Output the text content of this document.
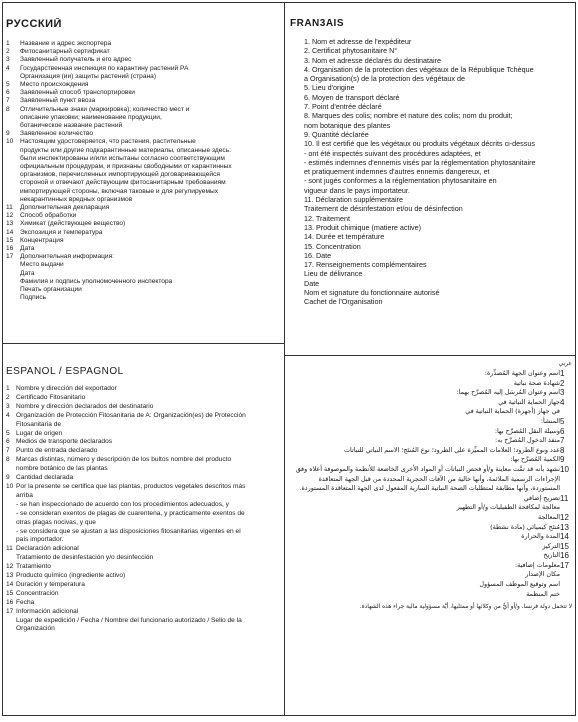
РУССКИЙ
1	Название и адрес экспортера
2	Фитосанитарный сертификат
3	Заявленный получатель и его адрес
4	Государственная инспекция по карантину растений РА
Организация (ии) защиты растений (страна)
5	Место происхождения
6	Заявленный способ транспортировки
7	Заявленный пункт ввоза
8	Отличительные знаки (маркировка); количество мест и
описание упаковки; наименование продукции,
ботаническое название растений
9	Заявленное количество
10	Настоящим удостоверяется, что растения, растительные
продукты или другие подкарантинные материалы, описанные здесь:
были инспектированы и/или испытаны согласно соответствующим
официальным процедурам, и признаны свободными от карантинных
организмов, перечисленных импортирующей договаривающейся
стороной и отвечают действующим фитосанитарным требованиям
импортирующей стороны, включая таковые и для регулируемых
некарантинных вредных организмов
11	Дополнительная декларация
12	Способ обработки
13	Химикат (действующее вещество)
14	Экспозиция и температура
15	Концентрация
16	Дата
17	Дополнительная информация:
Место выдачи
Дата
Фамилия и подпись уполномоченного инспектора
Печать организации
Подпись
FRAN3AIS
1. Nom et adresse de l'expéditeur
2. Certificat phytosanitaire N°
3. Nom et adresse déclarés du destinataire
4. Organisation de la protection des végétaux de la République Tchèque
a Organisation(s) de la protection des végétaux de
5. Lieu d'origine
6. Moyen de transport déclaré
7. Point d'entrée déclaré
8. Marques des colis; nombre et nature des colis; nom du produit;
nom botanique des plantes
9. Quantité déclarée
10. Il est certifié que les végétaux ou produits végétaux décrits ci-dessus
- ont été inspectés suivant des procédures adaptées, et
- estimés indemnes d'ennemis visés par la réglementation phytosanitaire
et pratiquement indemnes d'autres ennemis dangereux, et
- sont jugés conformes a la réglementation phytosanitaire en
vigueur dans le pays importateur.
11. Déclaration supplémentaire
Traitement de désinfestation et/ou de désinfection
12. Traitement
13. Produit chimique (matiere active)
14. Durée et température
15. Concentration
16. Date
17. Renseignements complémentaires
Lieu de délivrance
Date
Nom et signature du fonctionnaire autorisé
Cachet de l'Organisation
ESPANOL / ESPAGNOL
1 Nombre y dirección del exportador
2 Certificado Fitosanitario
3 Nombre y dirección declarados del destinatario
4 Organización de Protección Fitosanitaria de A: Organización(es) de Protección
Fitosanitaria de
5 Lugar de origen
6 Medios de transporte declarados
7 Punto de entrada declarado
8 Marcas distintas, número y descripción de los bultos nombre del producto
nombre botánico de las plantas
9 Cantidad declarada
10 Por la presente se certifica que las plantas, productos vegetales descritos más
arriba
- se han inspeccionado de acuerdo con los procedimientos adecuados, y
- se consideran exentos de plagas de cuarentena, y practicamente exentos de
otras plagas nocivas, y que
- se considera que se ajustan a las disposiciones fitosanitarias vigentes en el
país importador.
11 Declaración adicional
Tratamiento de desinfestación y/o desinfección
12 Tratamiento
13 Producto químico (ingrediente activo)
14 Duración y temperatura
15 Concentración
16 Fecha
17 Información adicional
Lugar de expedición / Fecha / Nombre del funcionario autorizado / Sello de la
Organización
عربي
1
اسم وعنوان الجهة المُصدِّرة:
2
شهادة صحة نباتية
3
اسم وعنوان المُرسَل إليه المُصرَّح بهما:
4
جهاز الحماية النباتية في
في جهاز (أجهزة) الحماية النباتية في
5
المنشأ:
6
وسيلة النقل المُصرَّح بها:
7
منفذ الدخول المُصرَّح به:
8
عدد ونوع الطرود؛ العلامات المميِّزة على الطرود؛ نوع المُنتَج؛ الاسم النباتي للنباتات
9
الكمية المُصرَّح بها:
10
نشهد بأنه قد تمَّت معاينة و/أو فحص النباتات أو المواد الأخرى الخاضعة للأنظمة والموصوفة أعلاه وفق الإجراءات الرسمية الملائمة، وأنها خالية من الآفات الحجرية المحددة من قبل الجهة المتعاقدة المستوردة، وأنها مطابقة لمتطلبات الصحة النباتية السارية المفعول لدى الجهة المتعاقدة المستوردة.
11
تصريح إضافي
معالجة لمكافحة الطفيليات و/أو التطهير
12
المعالجة
13
مُنتَج كيميائي (مادة نشطة)
14
المدة والحرارة
15
التركيز
16
التاريخ
17
معلومات إضافية:
مكان الإصدار
اسم وتوقيع الموظف المسؤول
ختم المنظمة
لا تتحمل دولة فرنسا، و/أو أيٌّ من وكلائها أو ممثليها، أيَّة مسؤولية مالية جراء هذه الشهادة.
